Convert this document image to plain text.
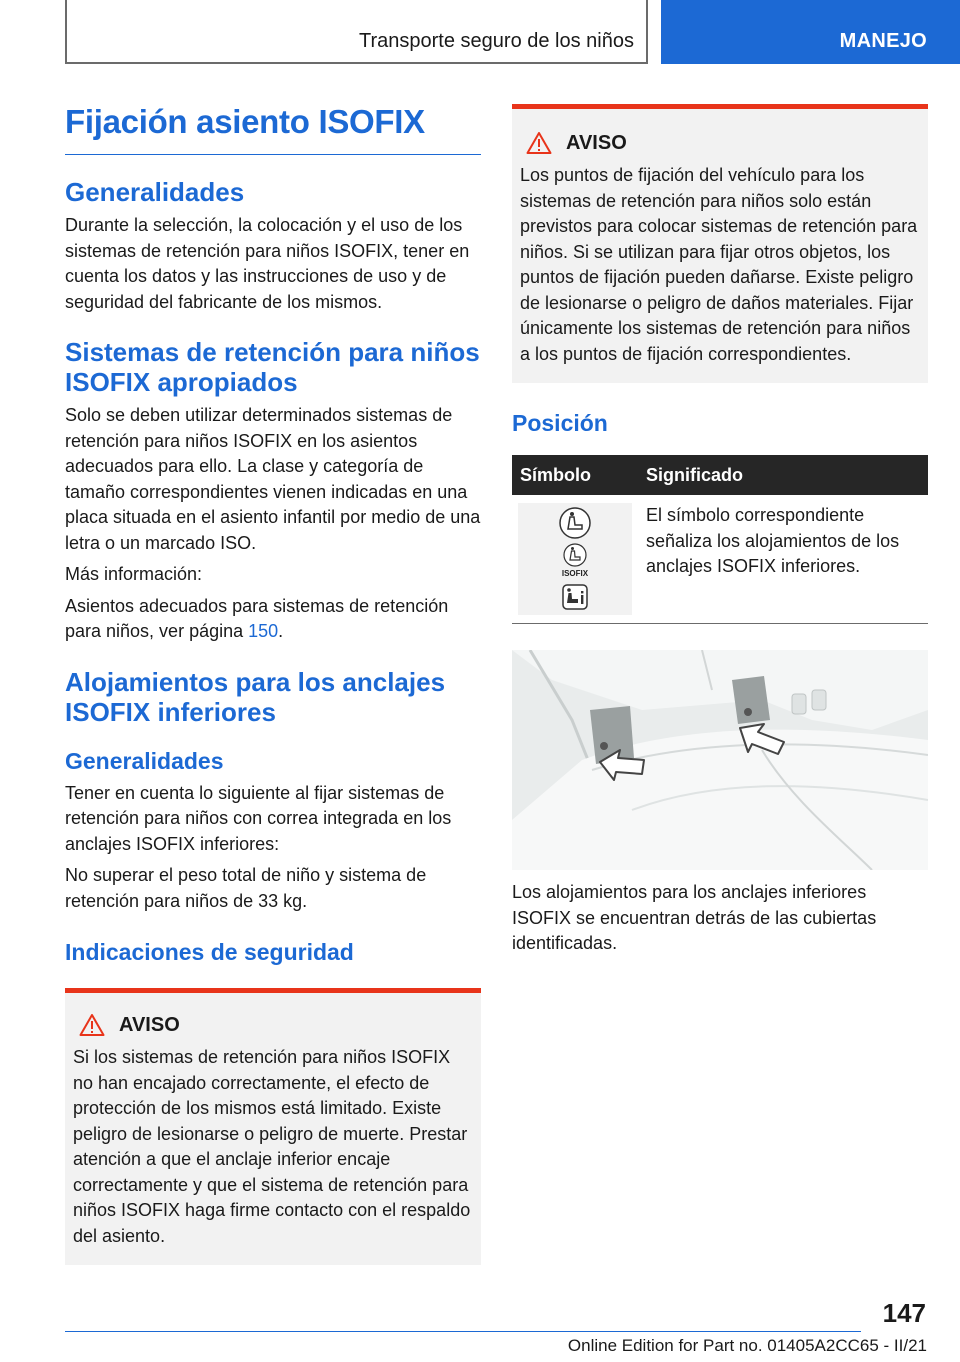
Transporte seguro de los niños	MANEJO
Fijación asiento ISOFIX
Generalidades

Durante la selección, la colocación y el uso de los sistemas de retención para niños ISOFIX, tener en cuenta los datos y las instrucciones de uso y de seguridad del fabricante de los mismos.

Sistemas de retención para niños ISOFIX apropiados

Solo se deben utilizar determinados sistemas de retención para niños ISOFIX en los asientos adecuados para ello. La clase y categoría de tamaño correspondientes vienen indicadas en una placa situada en el asiento infantil por medio de una letra o un marcado ISO.

Más información:

Asientos adecuados para sistemas de retención para niños, ver página 150.

Alojamientos para los anclajes ISOFIX inferiores
Generalidades

Tener en cuenta lo siguiente al fijar sistemas de retención para niños con correa integrada en los anclajes ISOFIX inferiores:

No superar el peso total de niño y sistema de retención para niños de 33 kg.

Indicaciones de seguridad
AVISO

Si los sistemas de retención para niños ISOFIX no han encajado correctamente, el efecto de protección de los mismos está limitado. Existe peligro de lesionarse o peligro de muerte. Prestar atención a que el anclaje inferior encaje correctamente y que el sistema de retención para niños ISOFIX haga firme contacto con el respaldo del asiento.

AVISO

Los puntos de fijación del vehículo para los sistemas de retención para niños solo están previstos para colocar sistemas de retención para niños. Si se utilizan para fijar otros objetos, los puntos de fijación pueden dañarse. Existe peligro de lesionarse o peligro de daños materiales. Fijar únicamente los sistemas de retención para niños a los puntos de fijación correspondientes.

Posición
Símbolo	Significado

ISOFIX	El símbolo correspondiente señaliza los alojamientos de los anclajes ISOFIX inferiores.

Los alojamientos para los anclajes inferiores ISOFIX se encuentran detrás de las cubiertas identificadas.

147
Online Edition for Part no. 01405A2CC65 - II/21
